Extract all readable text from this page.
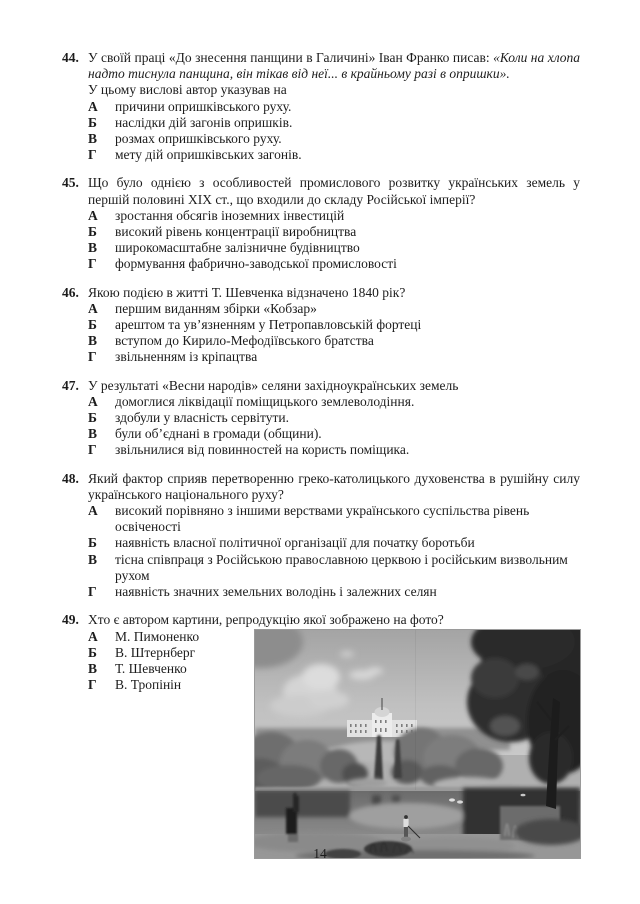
44. У своїй праці «До знесення панщини в Галичині» Іван Франко писав: «Коли на хлопа надто тиснула панщина, він тікав від неї... в крайньому разі в опришки».

У цьому вислові автор указував на
А	причини опришківського руху.
Б	наслідки дій загонів опришків.
В	розмах опришківського руху.
Г	мету дій опришківських загонів.
45. Що було однією з особливостей промислового розвитку українських земель у першій половині XIX ст., що входили до складу Російської імперії?

А	зростання обсягів іноземних інвестицій
Б	високий рівень концентрації виробництва
В	широкомасштабне залізничне будівництво
Г	формування фабрично-заводської промисловості
46. Якою подією в житті Т. Шевченка відзначено 1840 рік?

А	першим виданням збірки «Кобзар»
Б	арештом та ув’язненням у Петропавловській фортеці
В	вступом до Кирило-Мефодіївського братства
Г	звільненням із кріпацтва
47. У результаті «Весни народів» селяни західноукраїнських земель

А	домоглися ліквідації поміщицького землеволодіння.
Б	здобули у власність сервітути.
В	були об’єднані в громади (общини).
Г	звільнилися від повинностей на користь поміщика.
48. Який фактор сприяв перетворенню греко-католицького духовенства в рушійну силу українського національного руху?

А	високий порівняно з іншими верствами українського суспільства рівень освіченості
Б	наявність власної політичної організації для початку боротьби
В	тісна співпраця з Російською православною церквою і російським визвольним рухом
Г	наявність значних земельних володінь і залежних селян
49. Хто є автором картини, репродукцію якої зображено на фото?

А	М. Пимоненко
Б	В. Штернберг
В	Т. Шевченко
Г	В. Тропінін
14
